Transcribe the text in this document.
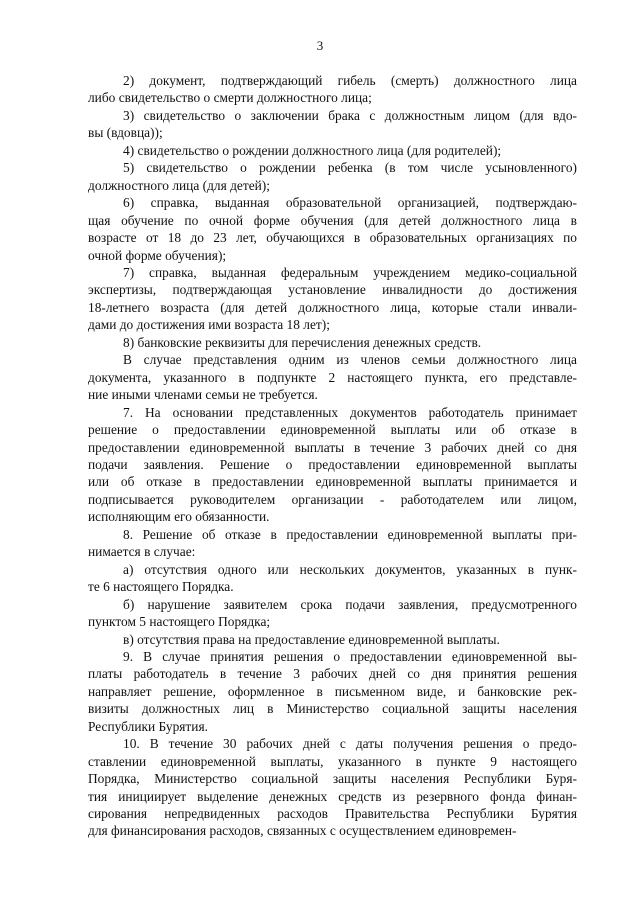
3
2) документ, подтверждающий гибель (смерть) должностного лица
либо свидетельство о смерти должностного лица;
3) свидетельство о заключении брака с должностным лицом (для вдо-
вы (вдовца));
4) свидетельство о рождении должностного лица (для родителей);
5) свидетельство о рождении ребенка (в том числе усыновленного)
должностного лица (для детей);
6) справка, выданная образовательной организацией, подтверждаю-
щая обучение по очной форме обучения (для детей должностного лица в
возрасте от 18 до 23 лет, обучающихся в образовательных организациях по
очной форме обучения);
7) справка, выданная федеральным учреждением медико-социальной
экспертизы, подтверждающая установление инвалидности до достижения
18-летнего возраста (для детей должностного лица, которые стали инвали-
дами до достижения ими возраста 18 лет);
8) банковские реквизиты для перечисления денежных средств.
В случае представления одним из членов семьи должностного лица
документа, указанного в подпункте 2 настоящего пункта, его представле-
ние иными членами семьи не требуется.
7. На основании представленных документов работодатель принимает
решение о предоставлении единовременной выплаты или об отказе в
предоставлении единовременной выплаты в течение 3 рабочих дней со дня
подачи заявления. Решение о предоставлении единовременной выплаты
или об отказе в предоставлении единовременной выплаты принимается и
подписывается руководителем организации - работодателем или лицом,
исполняющим его обязанности.
8. Решение об отказе в предоставлении единовременной выплаты при-
нимается в случае:
а) отсутствия одного или нескольких документов, указанных в пунк-
те 6 настоящего Порядка.
б) нарушение заявителем срока подачи заявления, предусмотренного
пунктом 5 настоящего Порядка;
в) отсутствия права на предоставление единовременной выплаты.
9. В случае принятия решения о предоставлении единовременной вы-
платы работодатель в течение 3 рабочих дней со дня принятия решения
направляет решение, оформленное в письменном виде, и банковские рек-
визиты должностных лиц в Министерство социальной защиты населения
Республики Бурятия.
10. В течение 30 рабочих дней с даты получения решения о предо-
ставлении единовременной выплаты, указанного в пункте 9 настоящего
Порядка, Министерство социальной защиты населения Республики Буря-
тия инициирует выделение денежных средств из резервного фонда финан-
сирования непредвиденных расходов Правительства Республики Бурятия
для финансирования расходов, связанных с осуществлением единовремен-
